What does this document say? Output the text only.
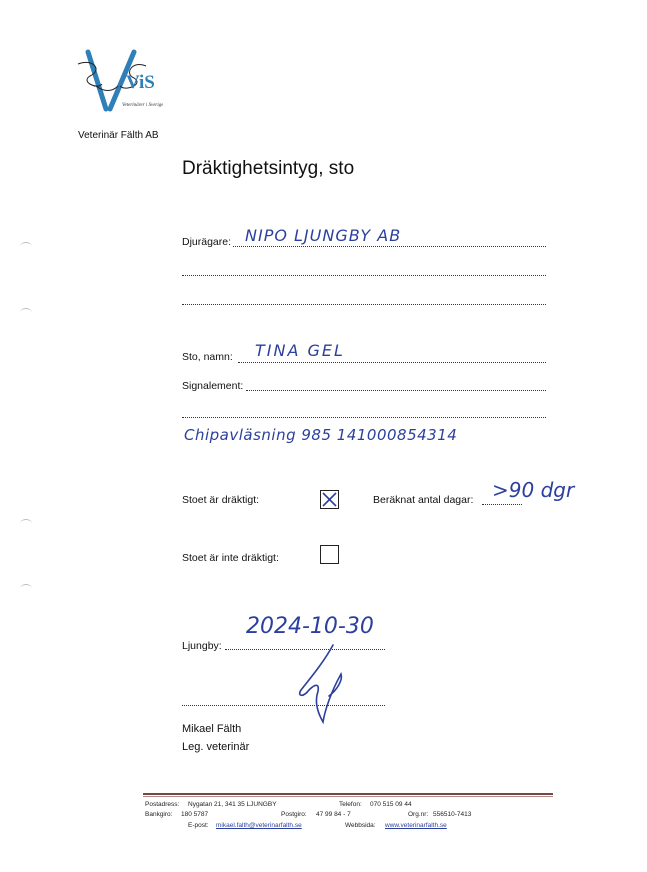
ViS
Veterinärer i Sverige
Veterinär Fälth AB
Dräktighetsintyg, sto
Djurägare: NIPO LJUNGBY AB
Sto, namn: TINA GEL
Signalement:
Chipavläsning 985 141000854314
Stoet är dräktigt:	Beräknat antal dagar: >90 dgr
Stoet är inte dräktigt:
Ljungby:
2024-10-30
Mikael Fälth
Leg. veterinär
Postadress: Nygatan 21, 341 35 LJUNGBY	Telefon: 070 515 09 44
Bankgiro: 180 5787	Postgiro: 47 99 84 - 7	Org.nr: 556510-7413
E-post: mikael.falth@veterinarfalth.se	Webbsida: www.veterinarfalth.se
